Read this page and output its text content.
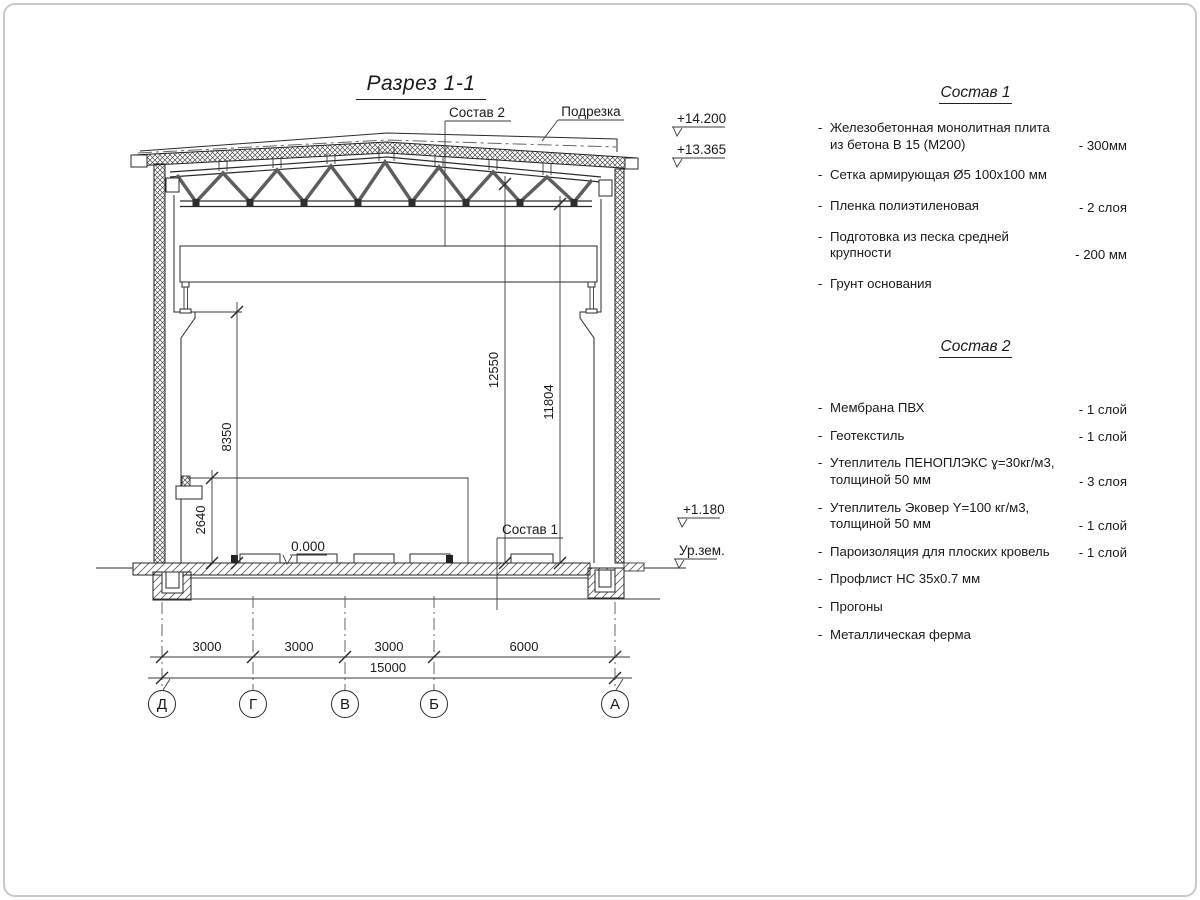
12550
11804
8350
2640
Состав 2	Подрезка
Состав 1
0.000
+14.200
+13.365
+1.180
Ур.зем.
3000	3000	3000	6000
15000
Д	Г	В	Б	А
Разрез 1-1	Состав 1
- Железобетонная монолитная плита из бетона В 15 (М200)	- 300мм
- Сетка армирующая Ø5 100х100 мм
- Пленка полиэтиленовая	- 2 слоя
- Подготовка из песка средней крупности	- 200 мм
- Грунт основания
Состав 2
- Мембрана ПВХ	- 1 слой
- Геотекстиль	- 1 слой
- Утеплитель ПЕНОПЛЭКС ɣ=30кг/м3, толщиной 50 мм	- 3 слоя
- Утеплитель Эковер Y=100 кг/м3, толщиной 50 мм	- 1 слой
- Пароизоляция для плоских кровель	- 1 слой
- Профлист НС 35х0.7 мм
- Прогоны
- Металлическая ферма
